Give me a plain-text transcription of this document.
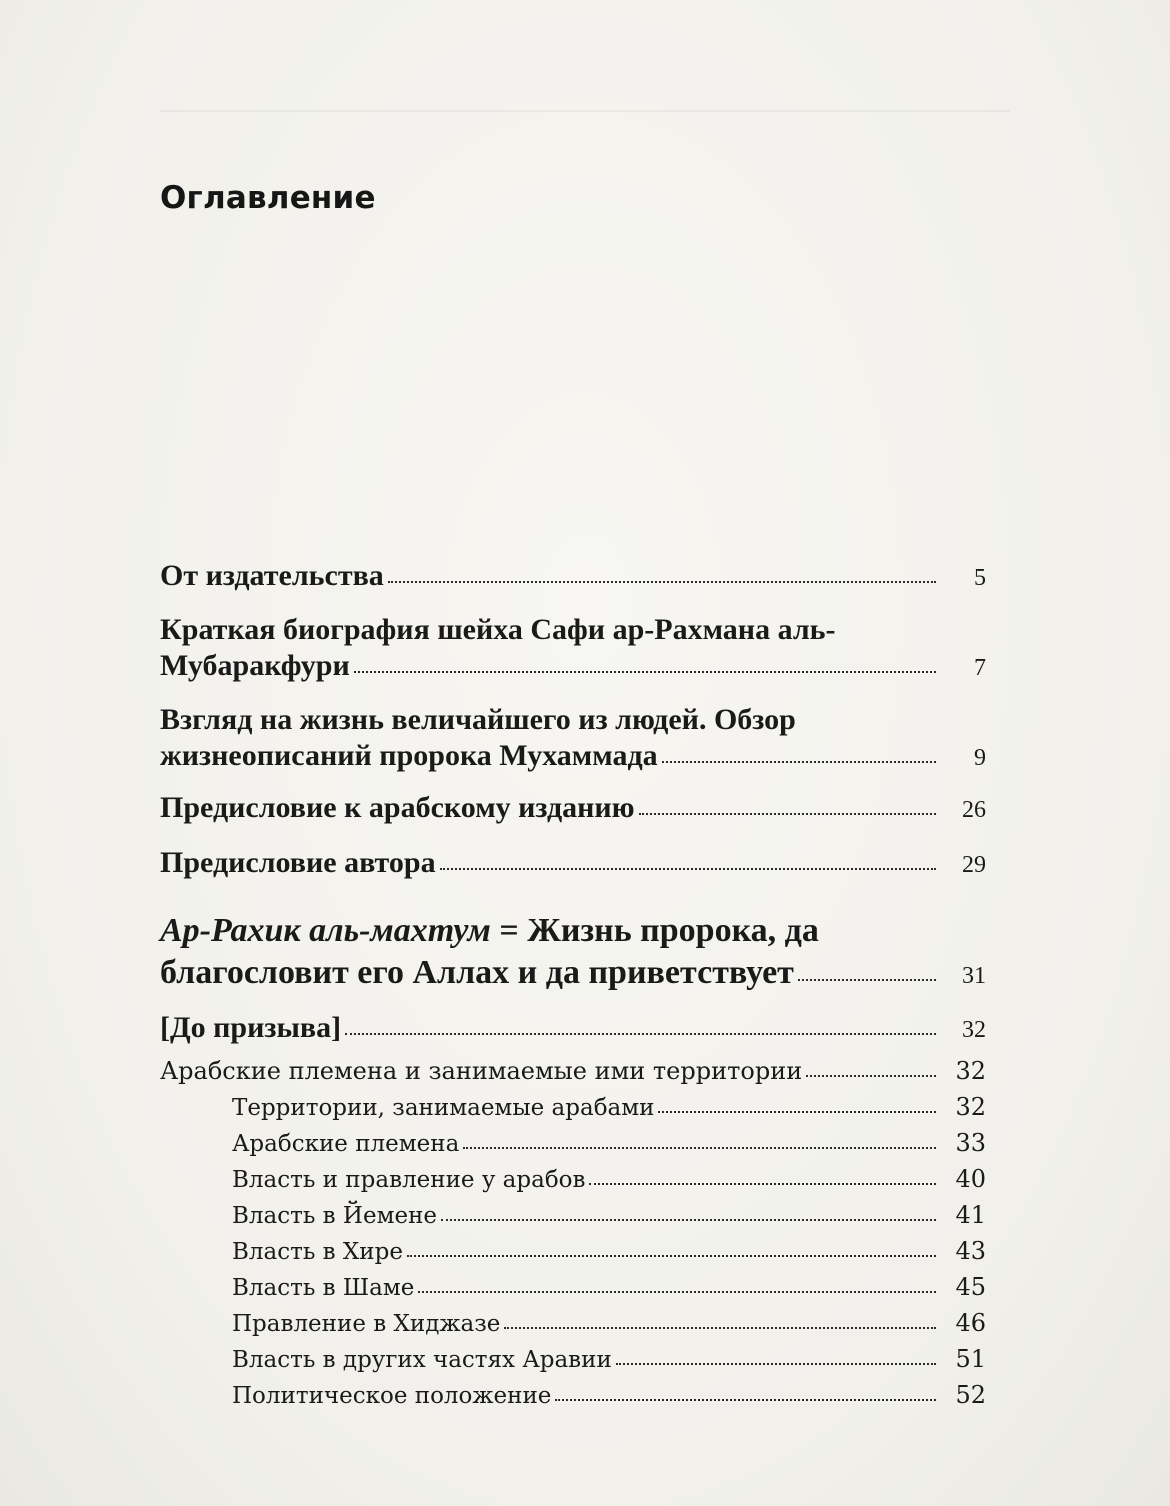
Оглавление
От издательства	5
Краткая биография шейха Сафи ар-Рахмана аль-
Мубаракфури	7
Взгляд на жизнь величайшего из людей. Обзор
жизнеописаний пророка Мухаммада	9
Предисловие к арабскому изданию	26
Предисловие автора	29
Ар-Рахик аль-махтум = Жизнь пророка, да
благословит его Аллах и да приветствует	31
[До призыва]	32
Арабские племена и занимаемые ими территории	32
Территории, занимаемые арабами	32
Арабские племена	33
Власть и правление у арабов	40
Власть в Йемене	41
Власть в Хире	43
Власть в Шаме	45
Правление в Хиджазе	46
Власть в других частях Аравии	51
Политическое положение	52
